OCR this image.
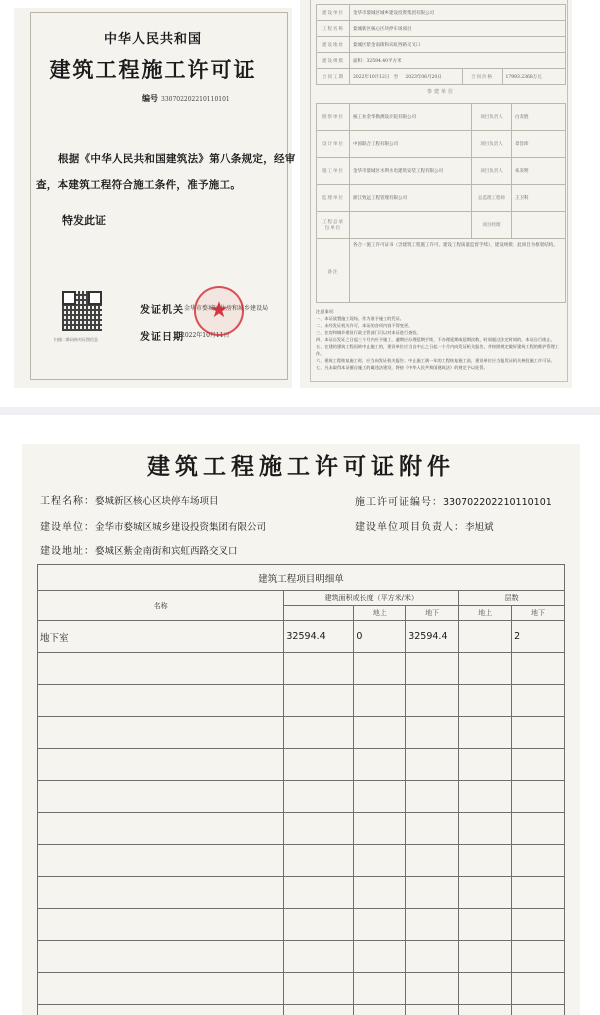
中华人民共和国
建筑工程施工许可证
编号 330702202210110101
根据《中华人民共和国建筑法》第八条规定，经审查，本建筑工程符合施工条件，准予施工。
特发此证
扫描二维码核对证照信息
发证机关 金华市婺城区住房和城乡建设局
发证日期
2022年10月11日
★
建设单位	金华市婺城区城乡建设投资集团有限公司		
工程名称	婺城新区核心区块停车场项目		
建设地址	婺城区紫金南街和宾虹西路交叉口		
建设规模	面积：32594.40平方米		
合同工期	2022年10月12日 至 2023年06月20日	合同价格	17993.2368万元
参建单位
勘察单位	核工业金华勘测设计院有限公司	项目负责人	白炎胜
设计单位	中国联合工程有限公司	项目负责人	章旨炜
施工单位	金华市婺城区水利水电建筑安装工程有限公司	项目负责人	朱炎明
监理单位	浙江致远工程管理有限公司	总监理工程师	王卫科
工程总承包单位		项目经理	
备注	各合一施工许可证书（含建筑工程施工许可、建设工程质量监督手续），建设规模：此项目为框架结构。		
注意事项：
一、本证放置施工现场，作为准予施工的凭证。
二、未经发证机关许可，本证的各项内容不得变更。
三、住房和城乡建设行政主管部门可以对本证进行查验。
四、本证自发证之日起三个月内应予施工，逾期应办理延期手续，不办理延期或延期次数、时间超过法定时间的，本证自行废止。
五、在建的建筑工程因故中止施工的，建设单位应当自中止之日起一个月内向发证机关报告，并按照规定做好建筑工程的维护管理工作。
六、建筑工程恢复施工时，应当向发证机关报告；中止施工满一年的工程恢复施工前，建设单位应当报发证机关核验施工许可证。
七、凡未取得本证擅自施工的属违法建设，将按《中华人民共和国建筑法》的规定予以处罚。
建筑工程施工许可证附件
工程名称：婺城新区核心区块停车场项目	施工许可证编号：330702202210110101
建设单位：金华市婺城区城乡建设投资集团有限公司	建设单位项目负责人：李旭斌
建设地址：婺城区紫金南街和宾虹西路交叉口
建筑工程项目明细单					
名称	建筑面积或长度（平方米/米）			层数	
		地上	地下	地上	地下
地下室	32594.4	0	32594.4		2
